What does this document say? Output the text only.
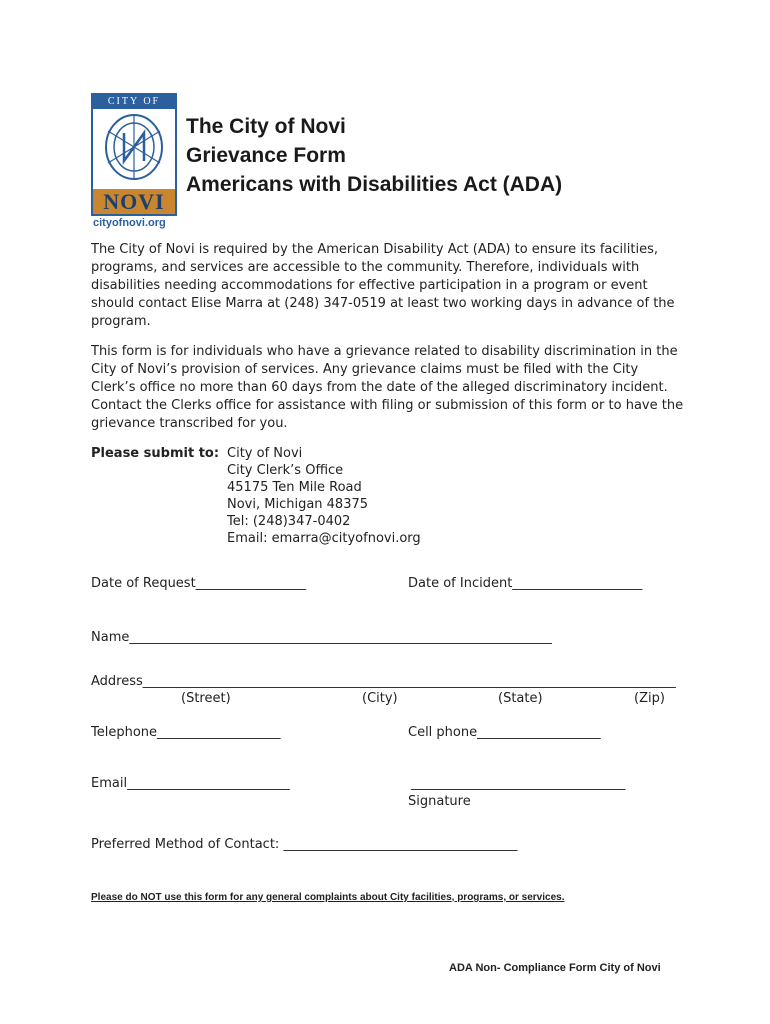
CITY OF
NOVI
cityofnovi.org
The City of Novi
Grievance Form
Americans with Disabilities Act (ADA)
The City of Novi is required by the American Disability Act (ADA) to ensure its facilities, programs, and services are accessible to the community. Therefore, individuals with disabilities needing accommodations for effective participation in a program or event should contact Elise Marra at (248) 347-0519 at least two working days in advance of the program.
This form is for individuals who have a grievance related to disability discrimination in the City of Novi’s provision of services. Any grievance claims must be filed with the City Clerk’s office no more than 60 days from the date of the alleged discriminatory incident. Contact the Clerks office for assistance with filing or submission of this form or to have the grievance transcribed for you.
Please submit to: City of Novi
City Clerk’s Office
45175 Ten Mile Road
Novi, Michigan 48375
Tel: (248)347-0402
Email: emarra@cityofnovi.org
Date of Request_________________	Date of Incident____________________
Name_________________________________________________________________
Address__________________________________________________________________________________
(Street)	(City)	(State)	(Zip)
Telephone___________________	Cell phone___________________
Email_________________________	_________________________________
Signature
Preferred Method of Contact: ____________________________________
Please do NOT use this form for any general complaints about City facilities, programs, or services.
ADA Non- Compliance Form City of Novi
